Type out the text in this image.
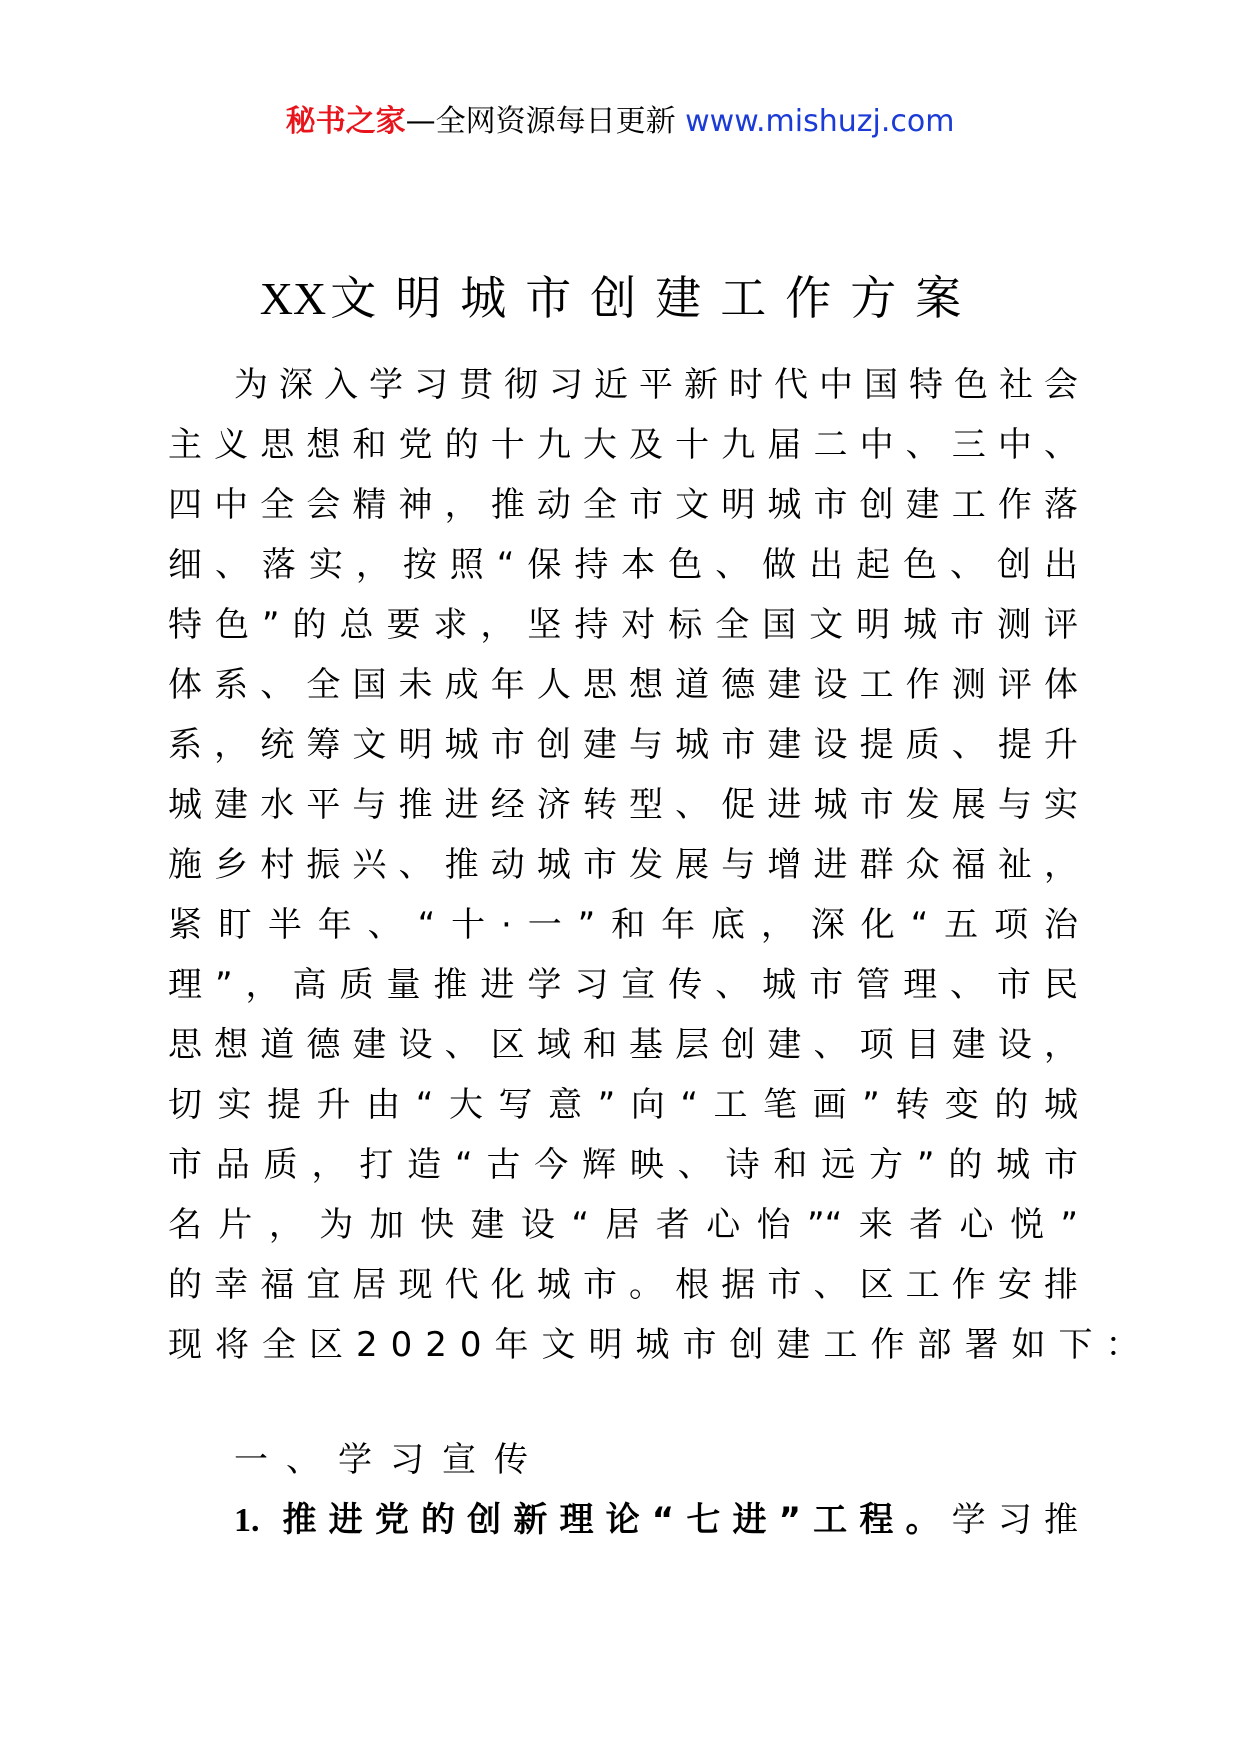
秘书之家—全网资源每日更新 www.mishuzj.com
XX文明城市创建工作方案
为深入学习贯彻习近平新时代中国特色社会
主义思想和党的十九大及十九届二中、三中、
四中全会精神，推动全市文明城市创建工作落
细、落实，按照“保持本色、做出起色、创出
特色”的总要求，坚持对标全国文明城市测评
体系、全国未成年人思想道德建设工作测评体
系，统筹文明城市创建与城市建设提质、提升
城建水平与推进经济转型、促进城市发展与实
施乡村振兴、推动城市发展与增进群众福祉，
紧盯半年、“十·一”和年底，深化“五项治
理”，高质量推进学习宣传、城市管理、市民
思想道德建设、区域和基层创建、项目建设，
切实提升由“大写意”向“工笔画”转变的城
市品质，打造“古今辉映、诗和远方”的城市
名片，为加快建设“居者心怡”“来者心悦”
的幸福宜居现代化城市。根据市、区工作安排
现将全区2020年文明城市创建工作部署如下：
一、学习宣传
1. 推进党的创新理论“七进”工程。学习推
